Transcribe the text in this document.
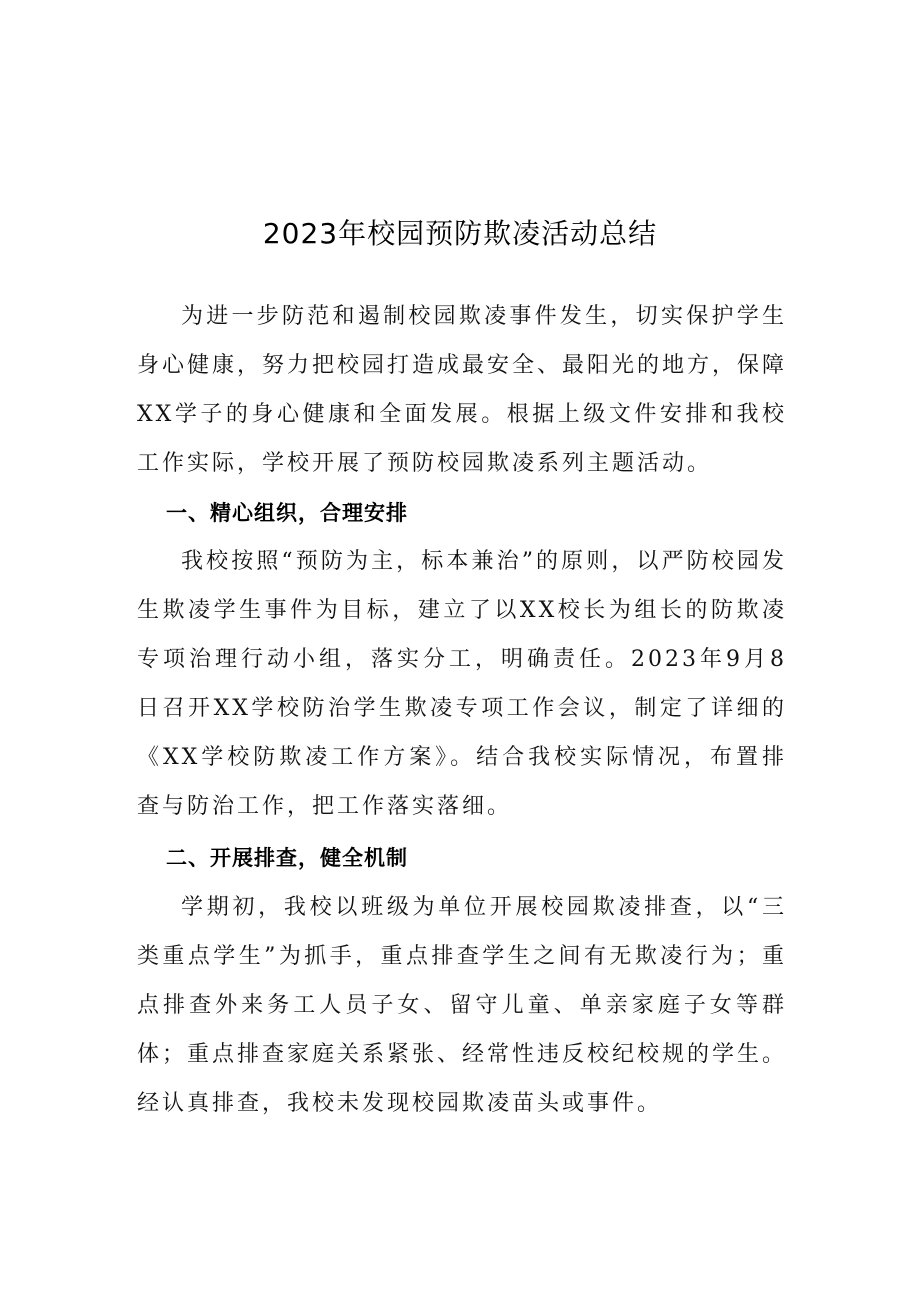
2023年校园预防欺凌活动总结

为进一步防范和遏制校园欺凌事件发生，切实保护学生身心健康，努力把校园打造成最安全、最阳光的地方，保障XX学子的身心健康和全面发展。根据上级文件安排和我校工作实际，学校开展了预防校园欺凌系列主题活动。

一、精心组织，合理安排

我校按照“预防为主，标本兼治”的原则，以严防校园发生欺凌学生事件为目标，建立了以XX校长为组长的防欺凌专项治理行动小组，落实分工，明确责任。2023年9月8日召开XX学校防治学生欺凌专项工作会议，制定了详细的《XX学校防欺凌工作方案》。结合我校实际情况，布置排查与防治工作，把工作落实落细。

二、开展排查，健全机制

学期初，我校以班级为单位开展校园欺凌排查，以“三类重点学生”为抓手，重点排查学生之间有无欺凌行为；重点排查外来务工人员子女、留守儿童、单亲家庭子女等群体；重点排查家庭关系紧张、经常性违反校纪校规的学生。经认真排查，我校未发现校园欺凌苗头或事件。
